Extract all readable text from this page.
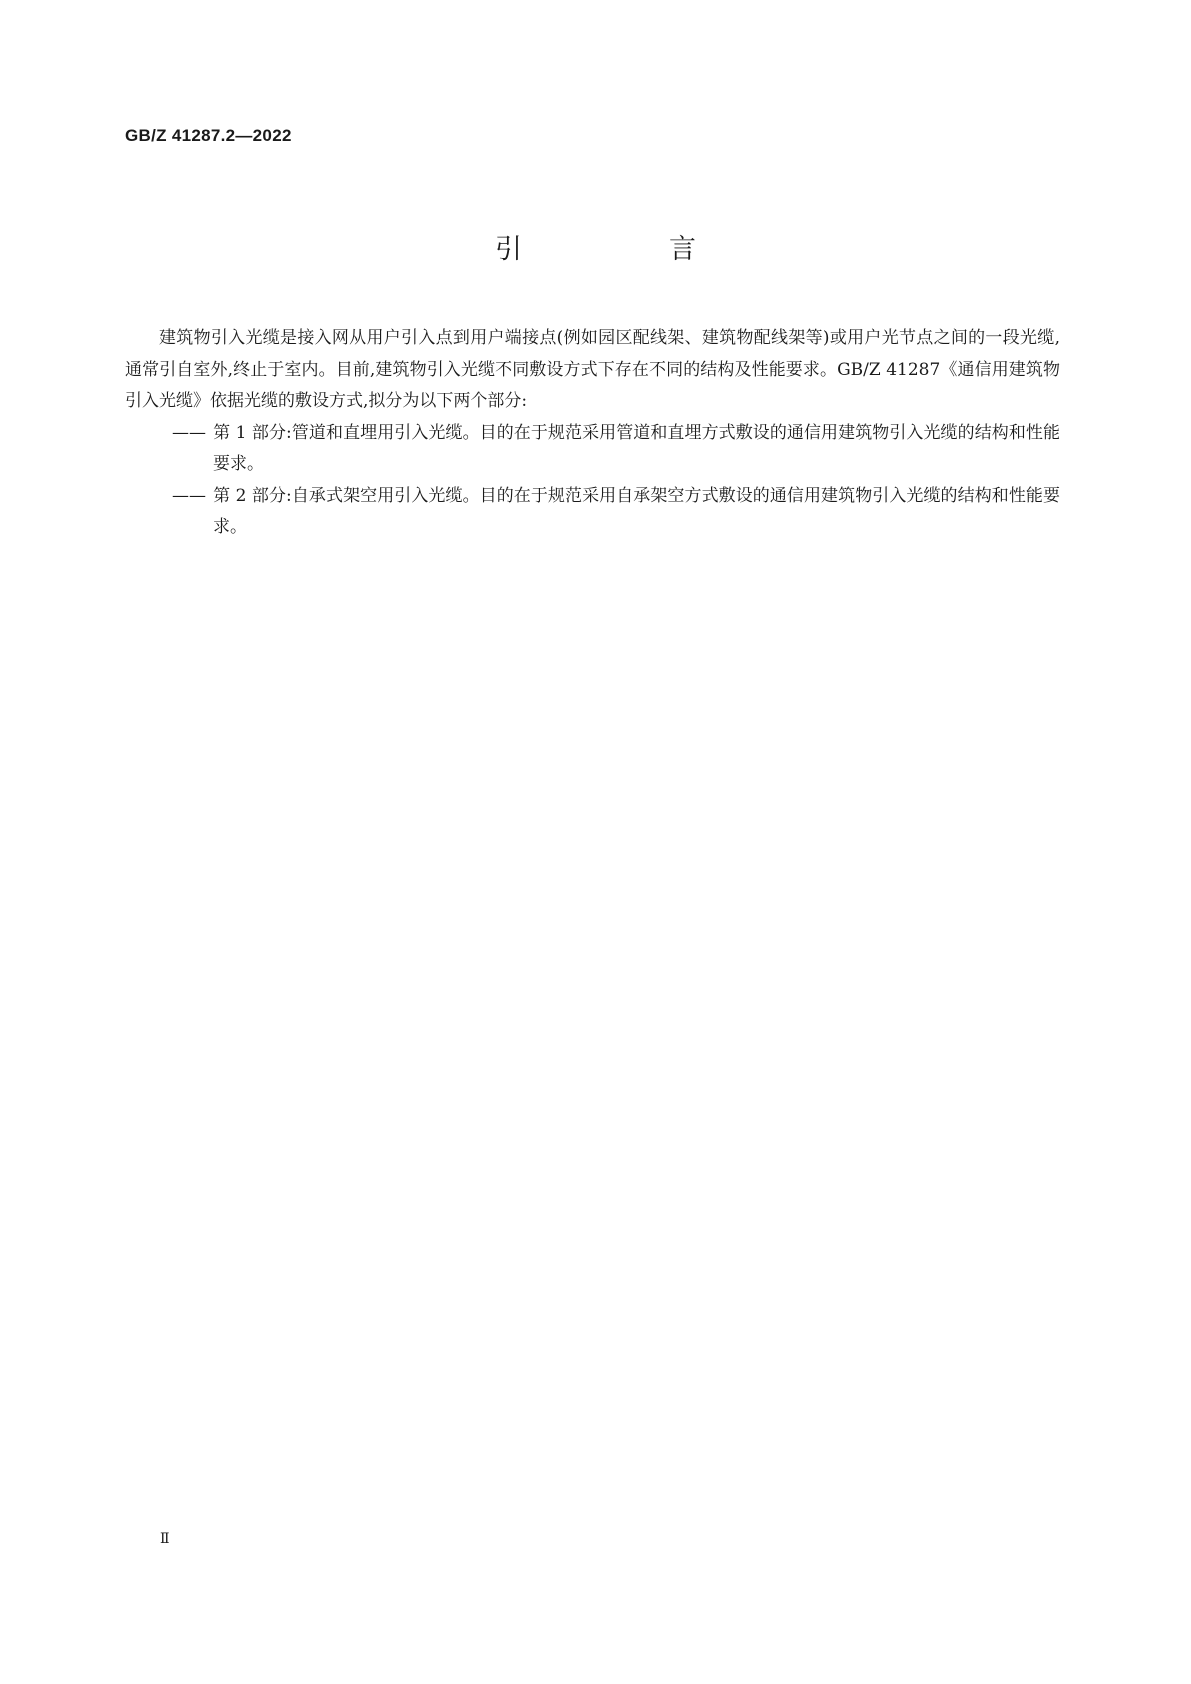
GB/Z 41287.2—2022
引　言

建筑物引入光缆是接入网从用户引入点到用户端接点(例如园区配线架、建筑物配线架等)或用户光节点之间的一段光缆,通常引自室外,终止于室内。目前,建筑物引入光缆不同敷设方式下存在不同的结构及性能要求。GB/Z 41287《通信用建筑物引入光缆》依据光缆的敷设方式,拟分为以下两个部分:

—— 第 1 部分:管道和直埋用引入光缆。目的在于规范采用管道和直埋方式敷设的通信用建筑物引入光缆的结构和性能要求。

—— 第 2 部分:自承式架空用引入光缆。目的在于规范采用自承架空方式敷设的通信用建筑物引入光缆的结构和性能要求。

Ⅱ
